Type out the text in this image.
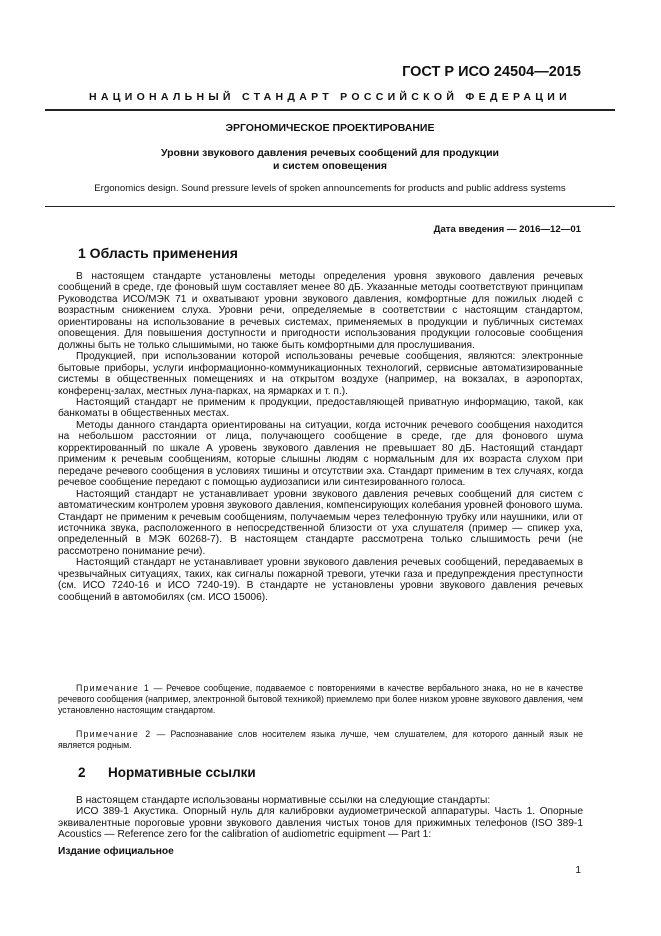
ГОСТ Р ИСО 24504—2015
НАЦИОНАЛЬНЫЙ СТАНДАРТ РОССИЙСКОЙ ФЕДЕРАЦИИ
ЭРГОНОМИЧЕСКОЕ ПРОЕКТИРОВАНИЕ
Уровни звукового давления речевых сообщений для продукции
и систем оповещения
Ergonomics design. Sound pressure levels of spoken announcements for products and public address systems
Дата введения — 2016—12—01
1 Область применения

В настоящем стандарте установлены методы определения уровня звукового давления речевых сообщений в среде, где фоновый шум составляет менее 80 дБ. Указанные методы соответствуют принципам Руководства ИСО/МЭК 71 и охватывают уровни звукового давления, комфортные для пожилых людей с возрастным снижением слуха. Уровни речи, определяемые в соответствии с настоящим стандартом, ориентированы на использование в речевых системах, применяемых в продукции и публичных системах оповещения. Для повышения доступности и пригодности использования продукции голосовые сообщения должны быть не только слышимыми, но также быть комфортными для прослушивания.

Продукцией, при использовании которой использованы речевые сообщения, являются: электронные бытовые приборы, услуги информационно-коммуникационных технологий, сервисные автоматизированные системы в общественных помещениях и на открытом воздухе (например, на вокзалах, в аэропортах, конференц-залах, местных луна-парках, на ярмарках и т. п.).

Настоящий стандарт не применим к продукции, предоставляющей приватную информацию, такой, как банкоматы в общественных местах.

Методы данного стандарта ориентированы на ситуации, когда источник речевого сообщения находится на небольшом расстоянии от лица, получающего сообщение в среде, где для фонового шума корректированный по шкале А уровень звукового давления не превышает 80 дБ. Настоящий стандарт применим к речевым сообщениям, которые слышны людям с нормальным для их возраста слухом при передаче речевого сообщения в условиях тишины и отсутствии эха. Стандарт применим в тех случаях, когда речевое сообщение передают с помощью аудиозаписи или синтезированного голоса.

Настоящий стандарт не устанавливает уровни звукового давления речевых сообщений для систем с автоматическим контролем уровня звукового давления, компенсирующих колебания уровней фонового шума. Стандарт не применим к речевым сообщениям, получаемым через телефонную трубку или наушники, или от источника звука, расположенного в непосредственной близости от уха слушателя (пример — спикер уха, определенный в МЭК 60268-7). В настоящем стандарте рассмотрена только слышимость речи (не рассмотрено понимание речи).

Настоящий стандарт не устанавливает уровни звукового давления речевых сообщений, передаваемых в чрезвычайных ситуациях, таких, как сигналы пожарной тревоги, утечки газа и предупреждения преступности (см. ИСО 7240-16 и ИСО 7240-19). В стандарте не установлены уровни звукового давления речевых сообщений в автомобилях (см. ИСО 15006).

Примечание 1 — Речевое сообщение, подаваемое с повторениями в качестве вербального знака, но не в качестве речевого сообщения (например, электронной бытовой техникой) приемлемо при более низком уровне звукового давления, чем установленно настоящим стандартом.

Примечание 2 — Распознавание слов носителем языка лучше, чем слушателем, для которого данный язык не является родным.

2 Нормативные ссылки

В настоящем стандарте использованы нормативные ссылки на следующие стандарты:

ИСО 389-1 Акустика. Опорный нуль для калибровки аудиометрической аппаратуры. Часть 1. Опорные эквивалентные пороговые уровни звукового давления чистых тонов для прижимных телефонов (ISO 389-1 Acoustics — Reference zero for the calibration of audiometric equipment — Part 1:

Издание официальное
1
